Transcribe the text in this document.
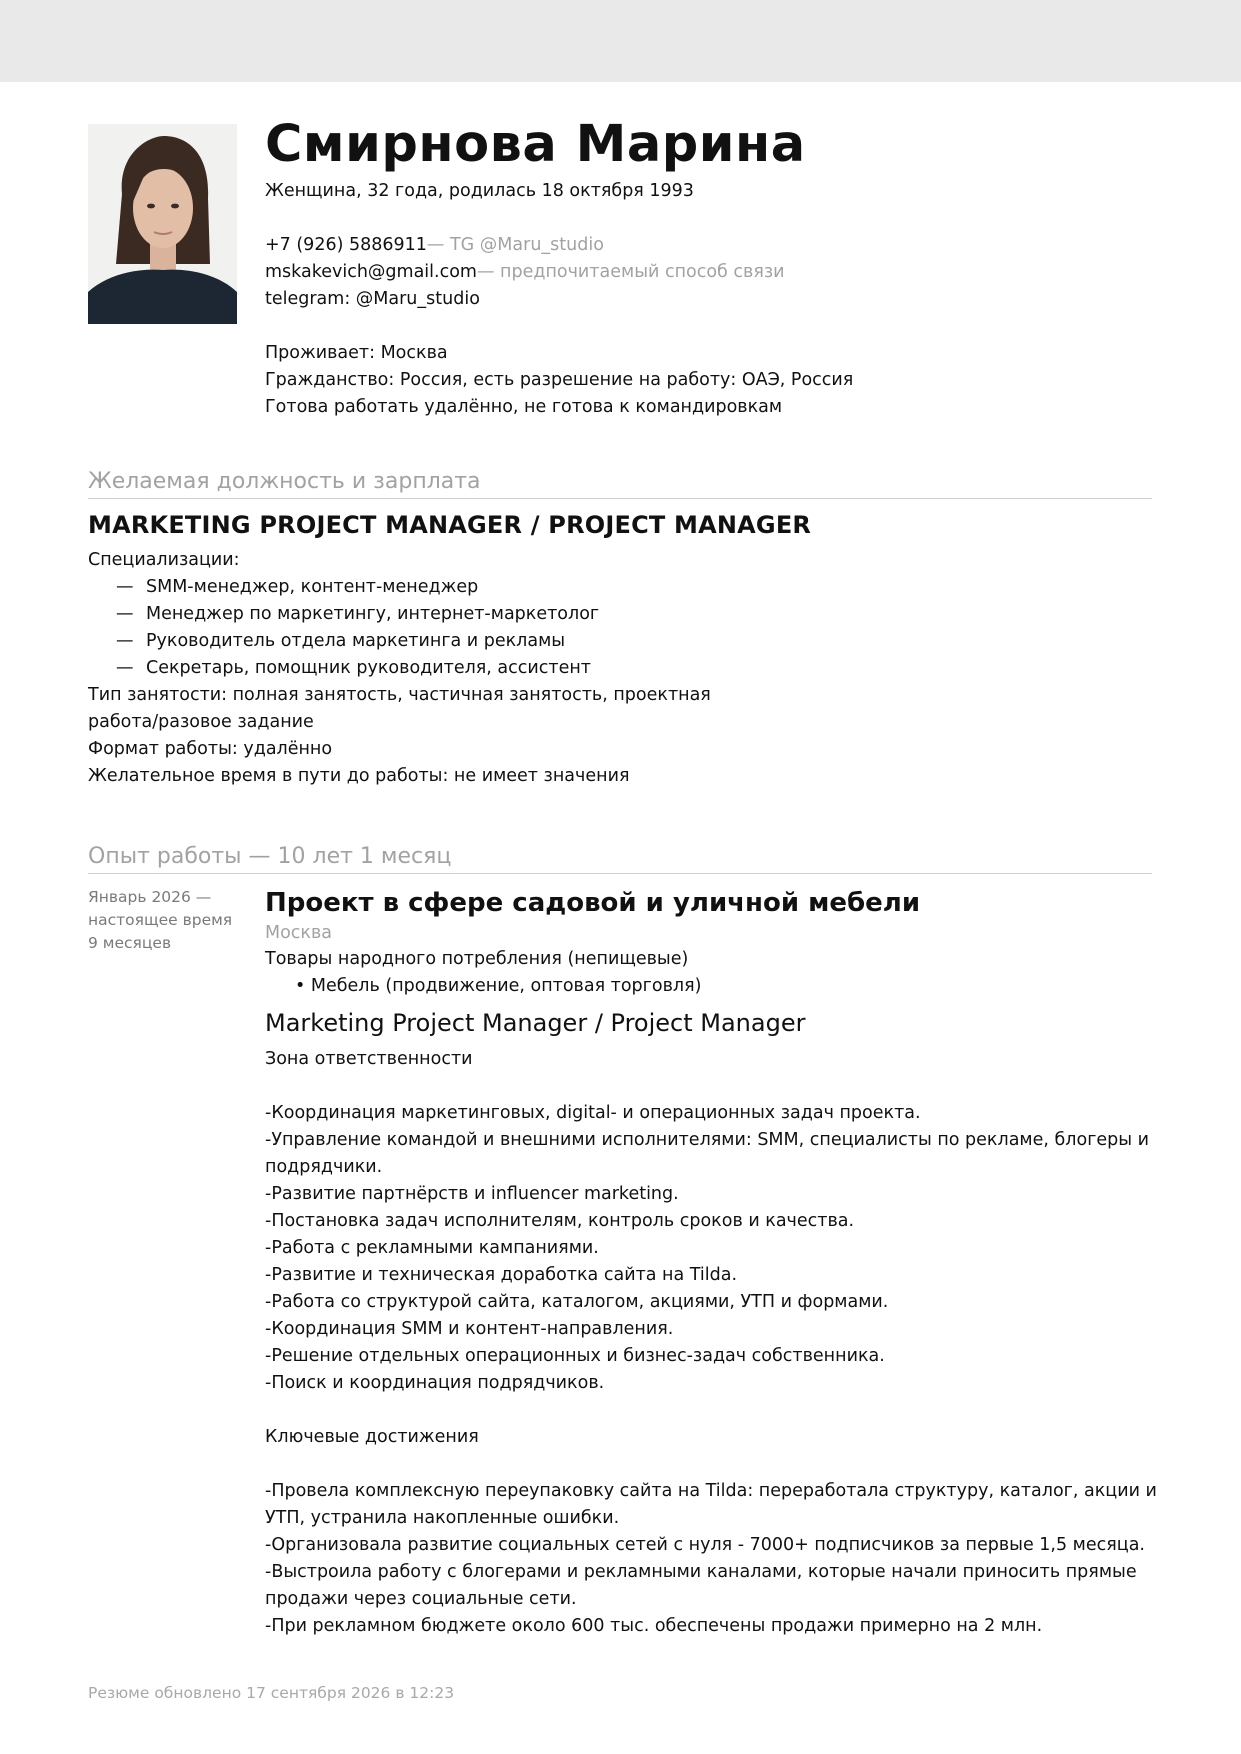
Смирнова Марина
Женщина, 32 года, родилась 18 октября 1993
+7 (926) 5886911— TG @Maru_studio
mskakevich@gmail.com— предпочитаемый способ связи
telegram: @Maru_studio
Проживает: Москва
Гражданство: Россия, есть разрешение на работу: ОАЭ, Россия
Готова работать удалённо, не готова к командировкам
Желаемая должность и зарплата
MARKETING PROJECT MANAGER / PROJECT MANAGER
Специализации:
— SMM-менеджер, контент-менеджер
— Менеджер по маркетингу, интернет-маркетолог
— Руководитель отдела маркетинга и рекламы
— Секретарь, помощник руководителя, ассистент
Тип занятости: полная занятость, частичная занятость, проектная
работа/разовое задание
Формат работы: удалённо
Желательное время в пути до работы: не имеет значения
Опыт работы — 10 лет 1 месяц
Январь 2026 —
настоящее время
9 месяцев
Проект в сфере садовой и уличной мебели
Москва
Товары народного потребления (непищевые)
• Мебель (продвижение, оптовая торговля)
Marketing Project Manager / Project Manager

Зона ответственности

-Координация маркетинговых, digital- и операционных задач проекта.

-Управление командой и внешними исполнителями: SMM, специалисты по рекламе, блогеры и подрядчики.

-Развитие партнёрств и influencer marketing.

-Постановка задач исполнителям, контроль сроков и качества.

-Работа с рекламными кампаниями.

-Развитие и техническая доработка сайта на Tilda.

-Работа со структурой сайта, каталогом, акциями, УТП и формами.

-Координация SMM и контент-направления.

-Решение отдельных операционных и бизнес-задач собственника.

-Поиск и координация подрядчиков.

Ключевые достижения

-Провела комплексную переупаковку сайта на Tilda: переработала структуру, каталог, акции и УТП, устранила накопленные ошибки.

-Организовала развитие социальных сетей с нуля - 7000+ подписчиков за первые 1,5 месяца.

-Выстроила работу с блогерами и рекламными каналами, которые начали приносить прямые продажи через социальные сети.

-При рекламном бюджете около 600 тыс. обеспечены продажи примерно на 2 млн.

Резюме обновлено 17 сентября 2026 в 12:23
